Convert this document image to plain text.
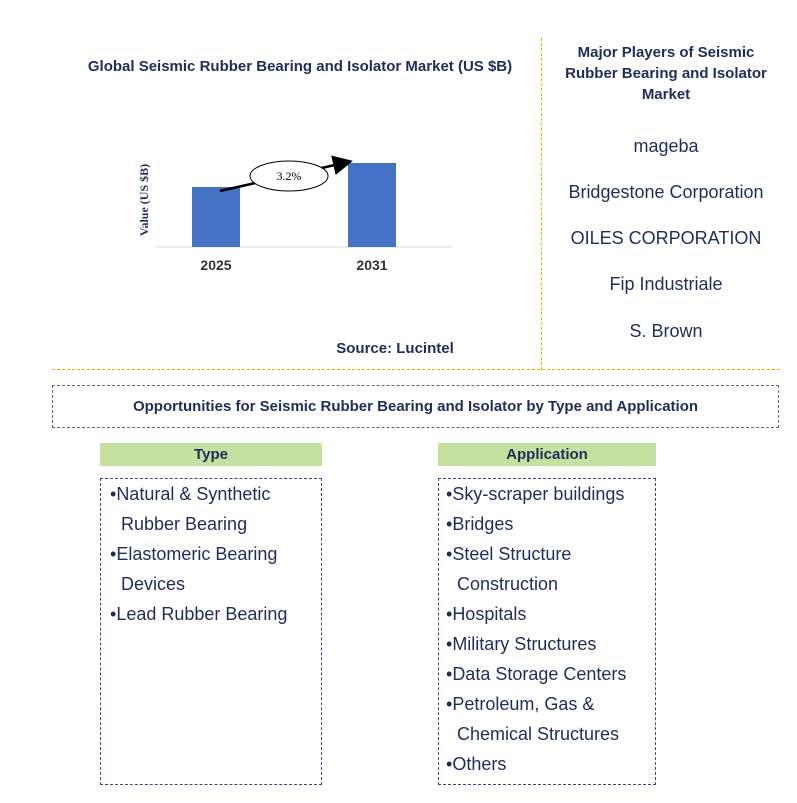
Global Seismic Rubber Bearing and Isolator Market (US $B)
Value (US $B)
2025	2031
3.2%
Source: Lucintel
Major Players of Seismic Rubber Bearing and Isolator Market
mageba
Bridgestone Corporation
OILES CORPORATION
Fip Industriale
S. Brown
Opportunities for Seismic Rubber Bearing and Isolator by Type and Application
Type	Application
• Natural & Synthetic Rubber Bearing
• Elastomeric Bearing Devices
• Lead Rubber Bearing
• Sky-scraper buildings
• Bridges
• Steel Structure Construction
• Hospitals
• Military Structures
• Data Storage Centers
• Petroleum, Gas & Chemical Structures
• Others
